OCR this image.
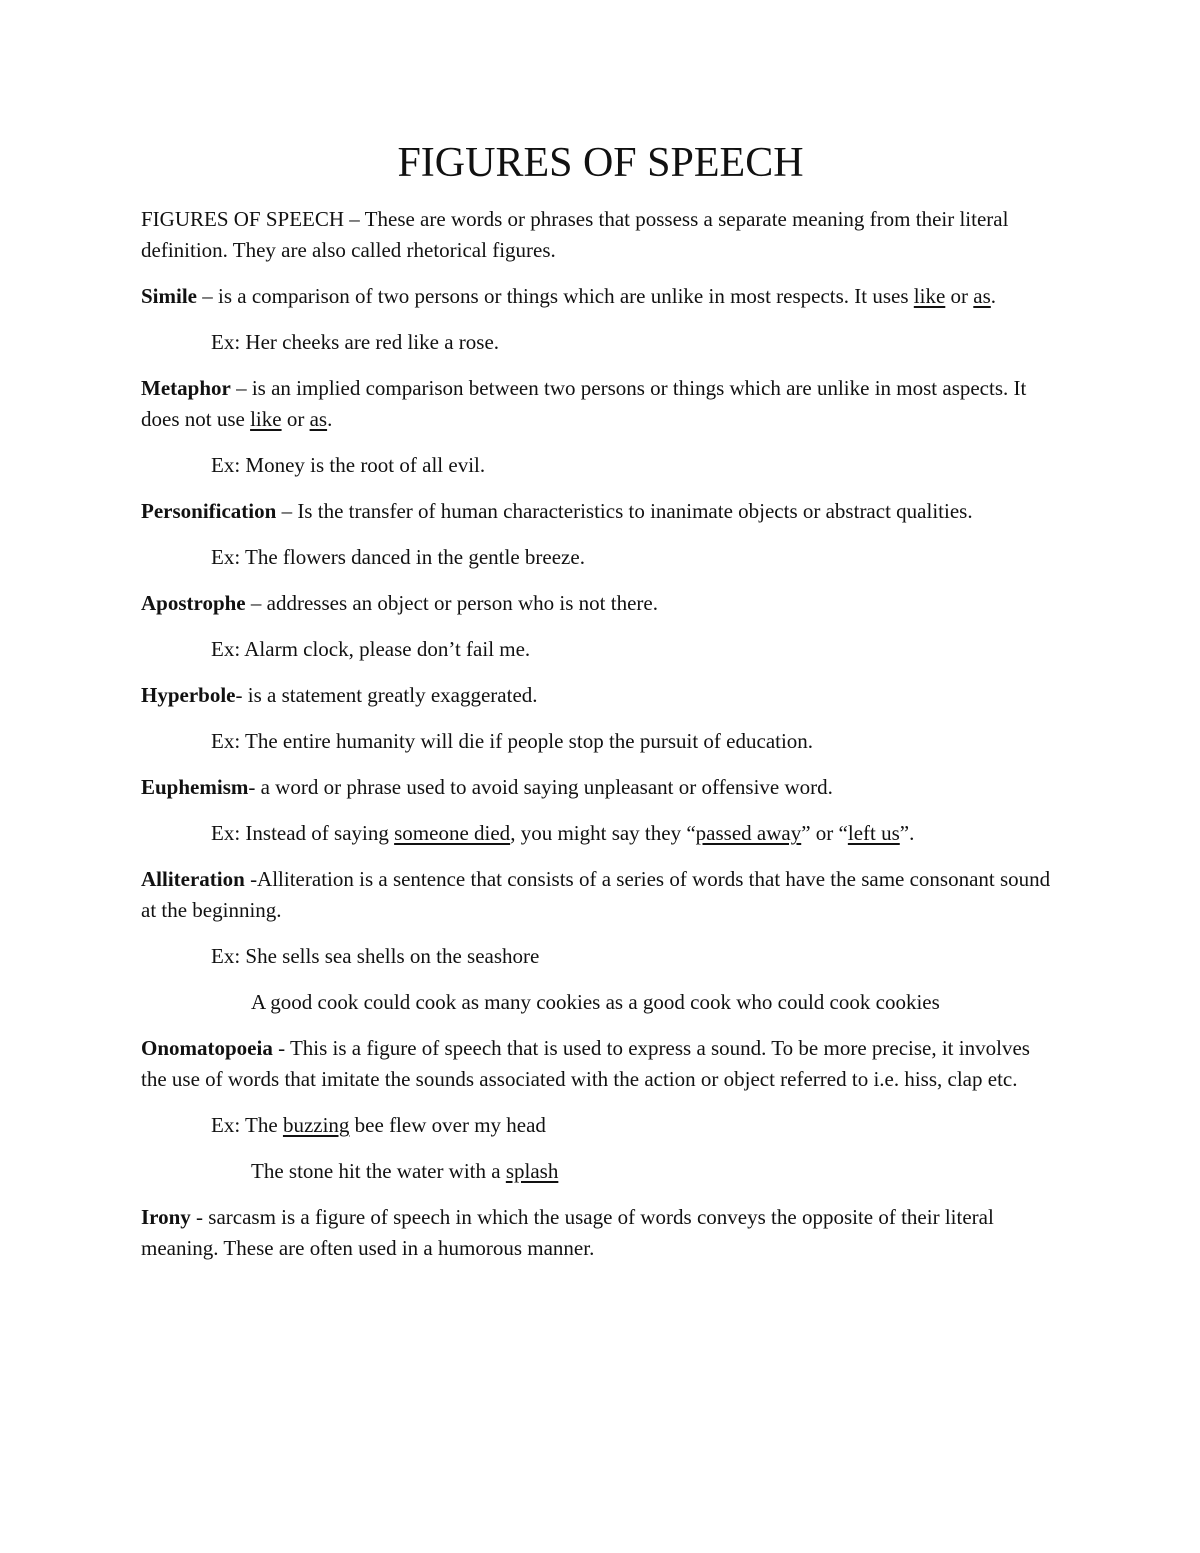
FIGURES OF SPEECH

FIGURES OF SPEECH – These are words or phrases that possess a separate meaning from their literal definition. They are also called rhetorical figures.

Simile – is a comparison of two persons or things which are unlike in most respects. It uses like or as.

Ex: Her cheeks are red like a rose.

Metaphor – is an implied comparison between two persons or things which are unlike in most aspects. It does not use like or as.

Ex: Money is the root of all evil.

Personification – Is the transfer of human characteristics to inanimate objects or abstract qualities.

Ex: The flowers danced in the gentle breeze.

Apostrophe – addresses an object or person who is not there.

Ex: Alarm clock, please don’t fail me.

Hyperbole- is a statement greatly exaggerated.

Ex: The entire humanity will die if people stop the pursuit of education.

Euphemism- a word or phrase used to avoid saying unpleasant or offensive word.

Ex: Instead of saying someone died, you might say they “passed away” or “left us”.

Alliteration -Alliteration is a sentence that consists of a series of words that have the same consonant sound at the beginning.

Ex: She sells sea shells on the seashore

A good cook could cook as many cookies as a good cook who could cook cookies

Onomatopoeia - This is a figure of speech that is used to express a sound. To be more precise, it involves the use of words that imitate the sounds associated with the action or object referred to i.e. hiss, clap etc.

Ex: The buzzing bee flew over my head

The stone hit the water with a splash

Irony - sarcasm is a figure of speech in which the usage of words conveys the opposite of their literal meaning. These are often used in a humorous manner.
